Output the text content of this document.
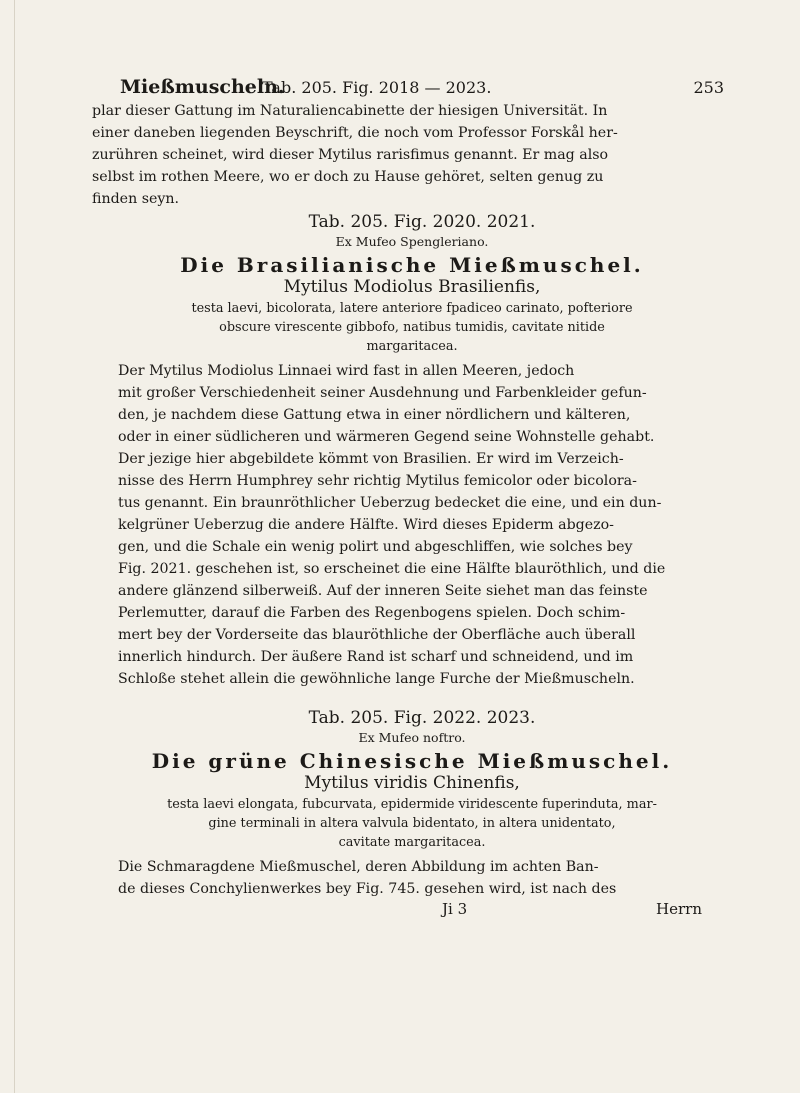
Mießmuscheln.
Tab. 205. Fig. 2018 — 2023.	253

plar dieser Gattung im Naturaliencabinette der hiesigen Universität. In
einer daneben liegenden Beyschrift, die noch vom Professor Forskål her-
zurühren scheinet, wird dieser Mytilus rarisfimus genannt. Er mag also
selbst im rothen Meere, wo er doch zu Hause gehöret, selten genug zu
finden seyn.

Tab. 205. Fig. 2020. 2021.

Ex Mufeo Spengleriano.

Die Brasilianische Mießmuschel.

Mytilus Modiolus Brasilienfis,

testa laevi, bicolorata, latere anteriore fpadiceo carinato, pofteriore
obscure virescente gibbofo, natibus tumidis, cavitate nitide
margaritacea.

Der Mytilus Modiolus Linnaei wird fast in allen Meeren, jedoch
mit großer Verschiedenheit seiner Ausdehnung und Farbenkleider gefun-
den, je nachdem diese Gattung etwa in einer nördlichern und kälteren,
oder in einer südlicheren und wärmeren Gegend seine Wohnstelle gehabt.
Der jezige hier abgebildete kömmt von Brasilien. Er wird im Verzeich-
nisse des Herrn Humphrey sehr richtig Mytilus femicolor oder bicolora-
tus genannt. Ein braunröthlicher Ueberzug bedecket die eine, und ein dun-
kelgrüner Ueberzug die andere Hälfte. Wird dieses Epiderm abgezo-
gen, und die Schale ein wenig polirt und abgeschliffen, wie solches bey
Fig. 2021. geschehen ist, so erscheinet die eine Hälfte blauröthlich, und die
andere glänzend silberweiß. Auf der inneren Seite siehet man das feinste
Perlemutter, darauf die Farben des Regenbogens spielen. Doch schim-
mert bey der Vorderseite das blauröthliche der Oberfläche auch überall
innerlich hindurch. Der äußere Rand ist scharf und schneidend, und im
Schloße stehet allein die gewöhnliche lange Furche der Mießmuscheln.

Tab. 205. Fig. 2022. 2023.

Ex Mufeo noftro.

Die grüne Chinesische Mießmuschel.

Mytilus viridis Chinenfis,

testa laevi elongata, fubcurvata, epidermide viridescente fuperinduta, mar-
gine terminali in altera valvula bidentato, in altera unidentato,
cavitate margaritacea.

Die Schmaragdene Mießmuschel, deren Abbildung im achten Ban-
de dieses Conchylienwerkes bey Fig. 745. gesehen wird, ist nach des

Ji 3	Herrn
